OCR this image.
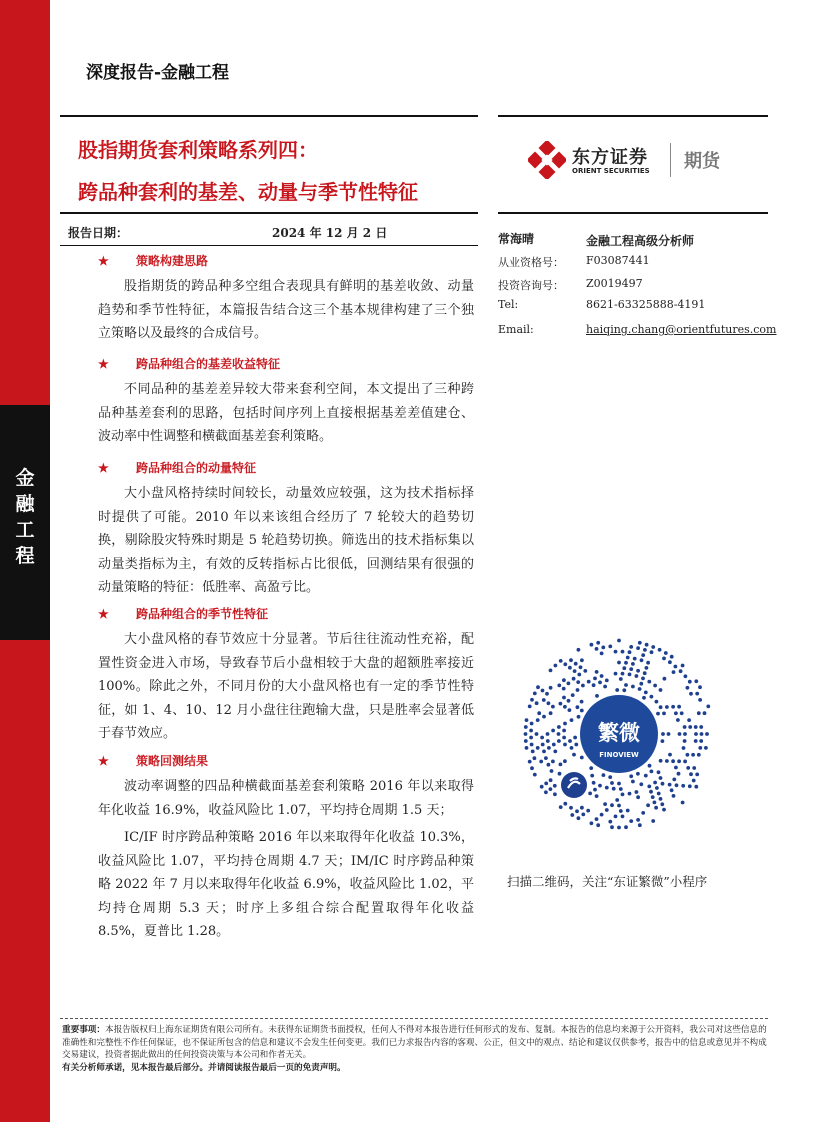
金
融
工
程
深度报告-金融工程
股指期货套利策略系列四：
跨品种套利的基差、动量与季节性特征
东方证券
ORIENT SECURITIES 期货
报告日期：	2024 年 12 月 2 日
★ 策略构建思路
股指期货的跨品种多空组合表现具有鲜明的基差收敛、动量趋势和季节性特征，本篇报告结合这三个基本规律构建了三个独立策略以及最终的合成信号。
★ 跨品种组合的基差收益特征
不同品种的基差差异较大带来套利空间，本文提出了三种跨品种基差套利的思路，包括时间序列上直接根据基差差值建仓、波动率中性调整和横截面基差套利策略。
★ 跨品种组合的动量特征
大小盘风格持续时间较长，动量效应较强，这为技术指标择时提供了可能。2010 年以来该组合经历了 7 轮较大的趋势切换，剔除股灾特殊时期是 5 轮趋势切换。筛选出的技术指标集以动量类指标为主，有效的反转指标占比很低，回测结果有很强的动量策略的特征：低胜率、高盈亏比。
★ 跨品种组合的季节性特征
大小盘风格的春节效应十分显著。节后往往流动性充裕，配置性资金进入市场，导致春节后小盘相较于大盘的超额胜率接近 100%。除此之外，不同月份的大小盘风格也有一定的季节性特征，如 1、4、10、12 月小盘往往跑输大盘，只是胜率会显著低于春节效应。
★ 策略回测结果
波动率调整的四品种横截面基差套利策略 2016 年以来取得年化收益 16.9%，收益风险比 1.07，平均持仓周期 1.5 天；
IC/IF 时序跨品种策略 2016 年以来取得年化收益 10.3%，收益风险比 1.07，平均持仓周期 4.7 天；IM/IC 时序跨品种策略 2022 年 7 月以来取得年化收益 6.9%，收益风险比 1.02，平均持仓周期 5.3 天；时序上多组合综合配置取得年化收益 8.5%，夏普比 1.28。
常海晴	金融工程高级分析师
从业资格号： F03087441
投资咨询号： Z0019497
Tel:	8621-63325888-4191
Email:	haiqing.chang@orientfutures.com
繁微
FINOVIEW
扫描二维码，关注“东证繁微”小程序
重要事项：本报告版权归上海东证期货有限公司所有。未获得东证期货书面授权，任何人不得对本报告进行任何形式的发布、复制。本报告的信息均来源于公开资料，我公司对这些信息的准确性和完整性不作任何保证，也不保证所包含的信息和建议不会发生任何变更。我们已力求报告内容的客观、公正，但文中的观点、结论和建议仅供参考，报告中的信息或意见并不构成交易建议，投资者据此做出的任何投资决策与本公司和作者无关。
有关分析师承诺，见本报告最后部分。并请阅读报告最后一页的免责声明。
